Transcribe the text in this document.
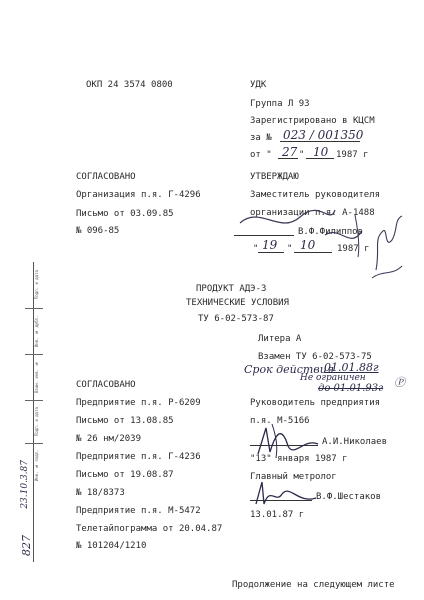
Подп. и дата
Инв. № дубл.
Взам. инв. №
Подп. и дата
Инв. № подл.
23.10.3.87
827
ОКП 24 3574 0800	УДК
Группа Л 93
Зарегистрировано в КЦСМ
за № 023 / 001350
от " 27 " 10 1987 г
СОГЛАСОВАНО
Организация п.я. Г-4296
Письмо от 03.09.85
№ 096-85
УТВЕРЖДАЮ
Заместитель руководителя
организации п.я. А-1488
В.Ф.Филиппов
" 19 " 10 1987 г
ПРОДУКТ АДЭ-3
ТЕХНИЧЕСКИЕ УСЛОВИЯ
ТУ 6-02-573-87
Литера А
Взамен ТУ 6-02-573-75
Срок действия
01.01.88г
до 01.01.93г
Не ограничен	Ⓟ
СОГЛАСОВАНО
Предприятие п.я. Р-6209
Письмо от 13.08.85
№ 26 нм/2039
Предприятие п.я. Г-4236
Письмо от 19.08.87
№ 18/8373
Предприятие п.я. М-5472
Телетайпограмма от 20.04.87
№ 101204/1210
Руководитель предприятия
п.я. М-5166
А.И.Николаев
"13" января 1987 г
Главный метролог
В.Ф.Шестаков
13.01.87 г
Продолжение на следующем листе
